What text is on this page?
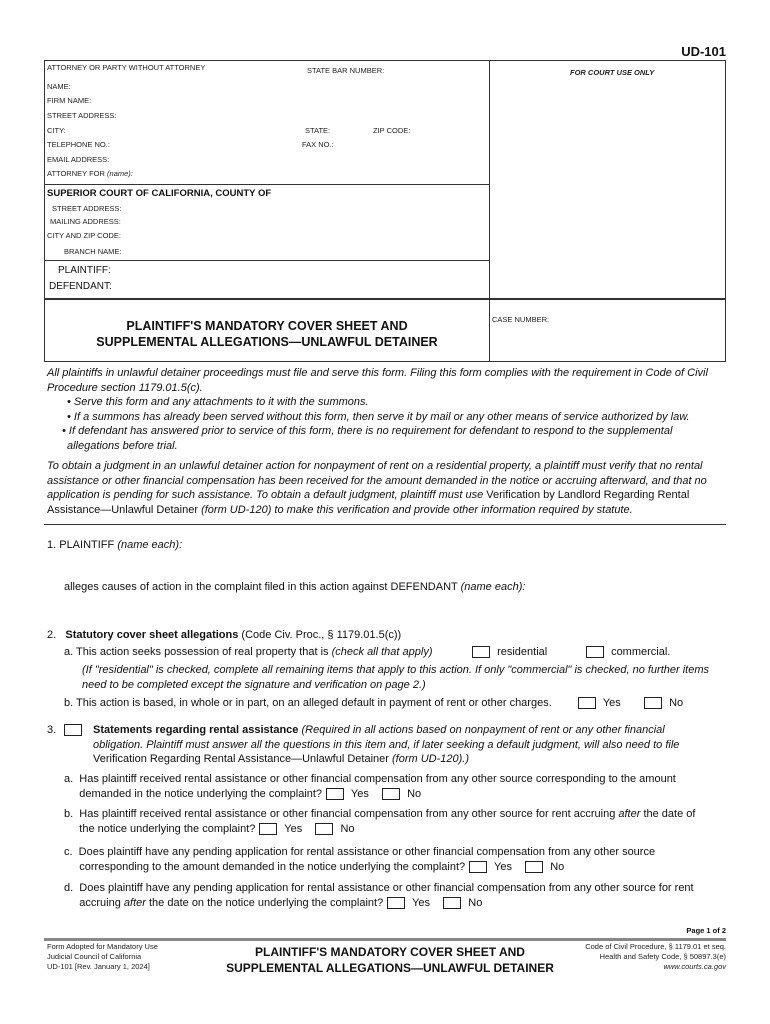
UD-101
ATTORNEY OR PARTY WITHOUT ATTORNEY	STATE BAR NUMBER:	FOR COURT USE ONLY
NAME:
FIRM NAME:
STREET ADDRESS:
CITY:	STATE:	ZIP CODE:
TELEPHONE NO.:	FAX NO.:
EMAIL ADDRESS:
ATTORNEY FOR (name):
SUPERIOR COURT OF CALIFORNIA, COUNTY OF
STREET ADDRESS:
MAILING ADDRESS:
CITY AND ZIP CODE:
BRANCH NAME:
PLAINTIFF:
DEFENDANT:
PLAINTIFF'S MANDATORY COVER SHEET AND
SUPPLEMENTAL ALLEGATIONS—UNLAWFUL DETAINER
CASE NUMBER:
All plaintiffs in unlawful detainer proceedings must file and serve this form. Filing this form complies with the requirement in Code of Civil Procedure section 1179.01.5(c).
• Serve this form and any attachments to it with the summons.
• If a summons has already been served without this form, then serve it by mail or any other means of service authorized by law.
• If defendant has answered prior to service of this form, there is no requirement for defendant to respond to the supplemental allegations before trial.
To obtain a judgment in an unlawful detainer action for nonpayment of rent on a residential property, a plaintiff must verify that no rental assistance or other financial compensation has been received for the amount demanded in the notice or accruing afterward, and that no application is pending for such assistance. To obtain a default judgment, plaintiff must use Verification by Landlord Regarding Rental Assistance—Unlawful Detainer (form UD-120) to make this verification and provide other information required by statute.
1. PLAINTIFF (name each):
alleges causes of action in the complaint filed in this action against DEFENDANT (name each):
2. Statutory cover sheet allegations (Code Civ. Proc., § 1179.01.5(c))
a. This action seeks possession of real property that is (check all that apply)	residential	commercial.
(If "residential" is checked, complete all remaining items that apply to this action. If only "commercial" is checked, no further items need to be completed except the signature and verification on page 2.)
b. This action is based, in whole or in part, on an alleged default in payment of rent or other charges.	Yes	No
3.	Statements regarding rental assistance (Required in all actions based on nonpayment of rent or any other financial obligation. Plaintiff must answer all the questions in this item and, if later seeking a default judgment, will also need to file Verification Regarding Rental Assistance—Unlawful Detainer (form UD-120).)
a.  Has plaintiff received rental assistance or other financial compensation from any other source corresponding to the amount
demanded in the notice underlying the complaint?	Yes	No
b.  Has plaintiff received rental assistance or other financial compensation from any other source for rent accruing after the date of
the notice underlying the complaint?	Yes	No
c.  Does plaintiff have any pending application for rental assistance or other financial compensation from any other source
corresponding to the amount demanded in the notice underlying the complaint?	Yes	No
d.  Does plaintiff have any pending application for rental assistance or other financial compensation from any other source for rent
accruing after the date on the notice underlying the complaint?	Yes	No
Page 1 of 2
Form Adopted for Mandatory Use
Judicial Council of California
UD-101 [Rev. January 1, 2024]
PLAINTIFF'S MANDATORY COVER SHEET AND
SUPPLEMENTAL ALLEGATIONS—UNLAWFUL DETAINER
Code of Civil Procedure, § 1179.01 et seq.
Health and Safety Code, § 50897.3(e)
www.courts.ca.gov
